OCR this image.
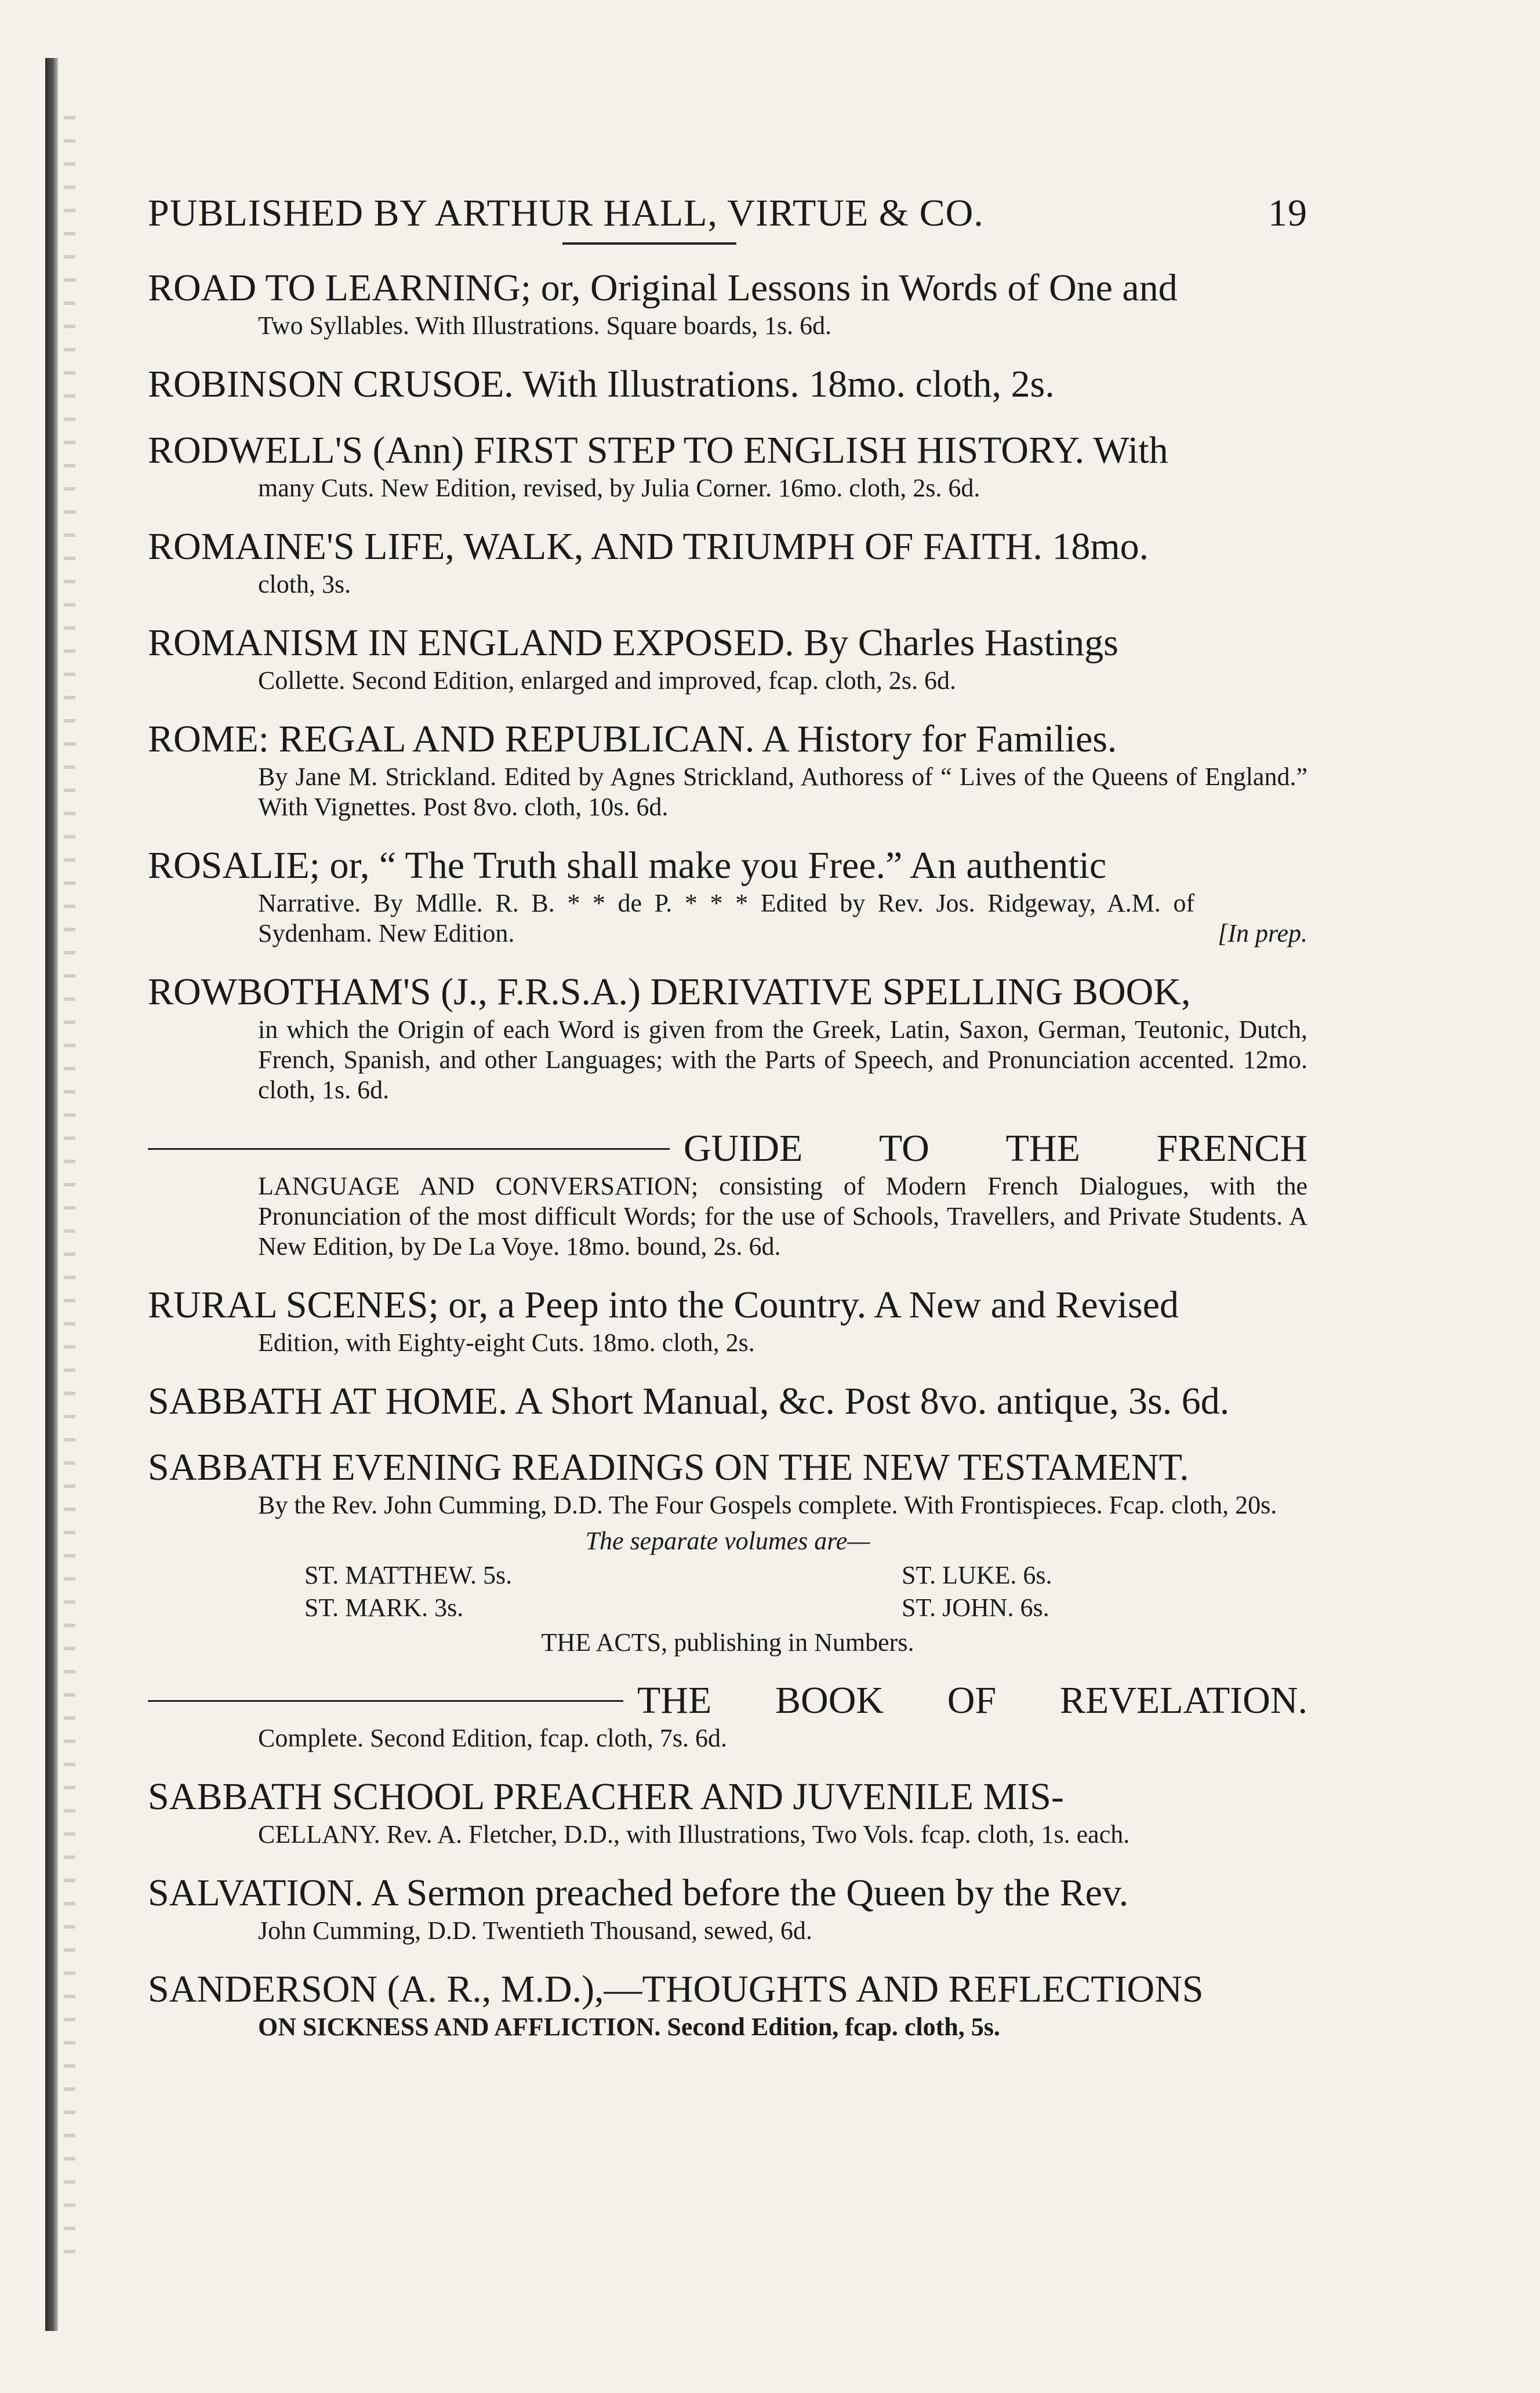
PUBLISHED BY ARTHUR HALL, VIRTUE & CO.	19
ROAD TO LEARNING; or, Original Lessons in Words of One and
Two Syllables. With Illustrations. Square boards, 1s. 6d.
ROBINSON CRUSOE. With Illustrations. 18mo. cloth, 2s.
RODWELL'S (Ann) FIRST STEP TO ENGLISH HISTORY. With
many Cuts. New Edition, revised, by Julia Corner. 16mo. cloth, 2s. 6d.
ROMAINE'S LIFE, WALK, AND TRIUMPH OF FAITH. 18mo.
cloth, 3s.
ROMANISM IN ENGLAND EXPOSED. By Charles Hastings
Collette. Second Edition, enlarged and improved, fcap. cloth, 2s. 6d.
ROME: REGAL AND REPUBLICAN. A History for Families.
By Jane M. Strickland. Edited by Agnes Strickland, Authoress of “ Lives of the Queens of England.” With Vignettes. Post 8vo. cloth, 10s. 6d.
ROSALIE; or, “ The Truth shall make you Free.” An authentic
Narrative. By Mdlle. R. B. * * de P. * * * Edited by Rev. Jos. Ridgeway, A.M. of Sydenham. New Edition.	[In prep.
ROWBOTHAM'S (J., F.R.S.A.) DERIVATIVE SPELLING BOOK,
in which the Origin of each Word is given from the Greek, Latin, Saxon, German, Teutonic, Dutch, French, Spanish, and other Languages; with the Parts of Speech, and Pronunciation accented. 12mo. cloth, 1s. 6d.
GUIDE TO THE FRENCH
LANGUAGE AND CONVERSATION; consisting of Modern French Dialogues, with the Pronunciation of the most difficult Words; for the use of Schools, Travellers, and Private Students. A New Edition, by De La Voye. 18mo. bound, 2s. 6d.
RURAL SCENES; or, a Peep into the Country. A New and Revised
Edition, with Eighty-eight Cuts. 18mo. cloth, 2s.
SABBATH AT HOME. A Short Manual, &c. Post 8vo. antique, 3s. 6d.
SABBATH EVENING READINGS ON THE NEW TESTAMENT.
By the Rev. John Cumming, D.D. The Four Gospels complete. With Frontispieces. Fcap. cloth, 20s.
The separate volumes are—
ST. MATTHEW. 5s.	ST. LUKE. 6s.
ST. MARK. 3s.	ST. JOHN. 6s.
THE ACTS, publishing in Numbers.
THE BOOK OF REVELATION.
Complete. Second Edition, fcap. cloth, 7s. 6d.
SABBATH SCHOOL PREACHER AND JUVENILE MIS-
CELLANY. Rev. A. Fletcher, D.D., with Illustrations, Two Vols. fcap. cloth, 1s. each.
SALVATION. A Sermon preached before the Queen by the Rev.
John Cumming, D.D. Twentieth Thousand, sewed, 6d.
SANDERSON (A. R., M.D.),—THOUGHTS AND REFLECTIONS
ON SICKNESS AND AFFLICTION. Second Edition, fcap. cloth, 5s.
